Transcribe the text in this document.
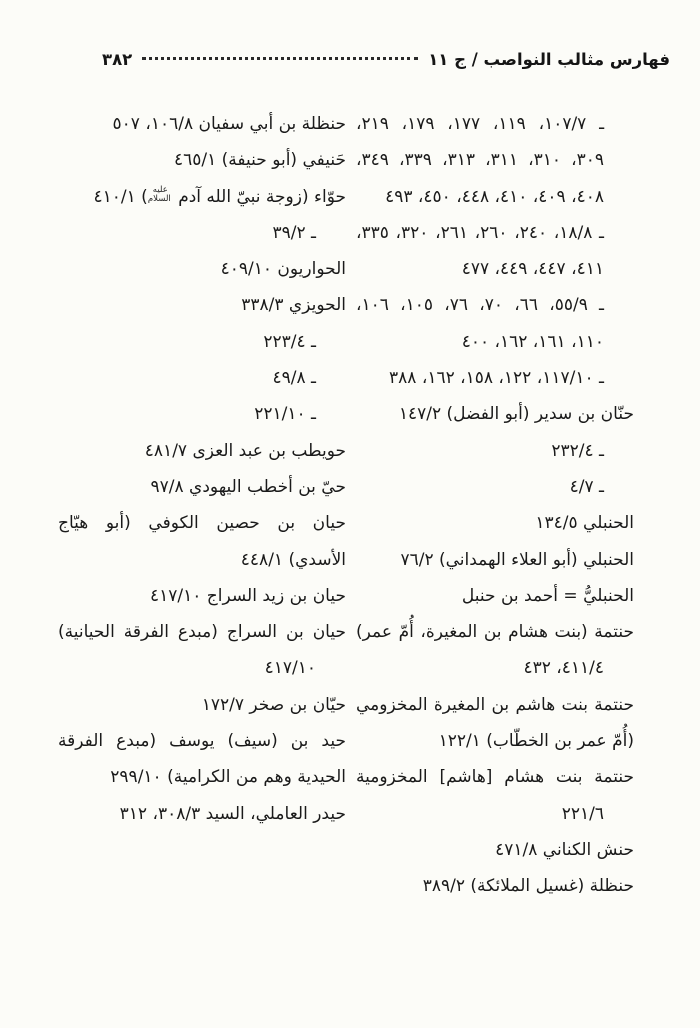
٣٨٢	فهارس مثالب النواصب / ج ١١
ـ ١٠٧/٧، ١١٩، ١٧٧، ١٧٩، ٢١٩،
٣٠٩، ٣١٠، ٣١١، ٣١٣، ٣٣٩، ٣٤٩،
٤٠٨، ٤٠٩، ٤١٠، ٤٤٨، ٤٥٠، ٤٩٣
ـ ١٨/٨، ٢٤٠، ٢٦٠، ٢٦١، ٣٢٠، ٣٣٥،
٤١١، ٤٤٧، ٤٤٩، ٤٧٧
ـ ٥٥/٩، ٦٦، ٧٠، ٧٦، ١٠٥، ١٠٦،
١١٠، ١٦١، ١٦٢، ٤٠٠
ـ ١١٧/١٠، ١٢٢، ١٥٨، ١٦٢، ٣٨٨
حنّان بن سدير (أبو الفضل) ١٤٧/٢
ـ ٢٣٢/٤
ـ ٤/٧
الحنبلي ١٣٤/٥
الحنبلي (أبو العلاء الهمداني) ٧٦/٢
الحنبليُّ = أحمد بن حنبل
حنتمة (بنت هشام بن المغيرة، أُمّ عمر)
٤١١/٤، ٤٣٢
حنتمة بنت هاشم بن المغيرة المخزومي
(أُمّ عمر بن الخطّاب) ١٢٢/١
حنتمة بنت هشام [هاشم] المخزومية
٢٢١/٦
حنش الكناني ٤٧١/٨
حنظلة (غسيل الملائكة) ٣٨٩/٢
حنظلة بن أبي سفيان ١٠٦/٨، ٥٠٧
حَنيفي (أبو حنيفة) ٤٦٥/١
حوّاء (زوجة نبيّ الله آدم عليه السلام) ٤١٠/١
ـ ٣٩/٢
الحواريون ٤٠٩/١٠
الحويزي ٣٣٨/٣
ـ ٢٢٣/٤
ـ ٤٩/٨
ـ ٢٢١/١٠
حويطب بن عبد العزى ٤٨١/٧
حيّ بن أخطب اليهودي ٩٧/٨
حيان بن حصين الكوفي (أبو هيّاج
الأسدي) ٤٤٨/١
حيان بن زيد السراج ٤١٧/١٠
حيان بن السراج (مبدع الفرقة الحيانية)
٤١٧/١٠
حيّان بن صخر ١٧٢/٧
حيد بن (سيف) يوسف (مبدع الفرقة
الحيدية وهم من الكرامية) ٢٩٩/١٠
حيدر العاملي، السيد ٣٠٨/٣، ٣١٢
